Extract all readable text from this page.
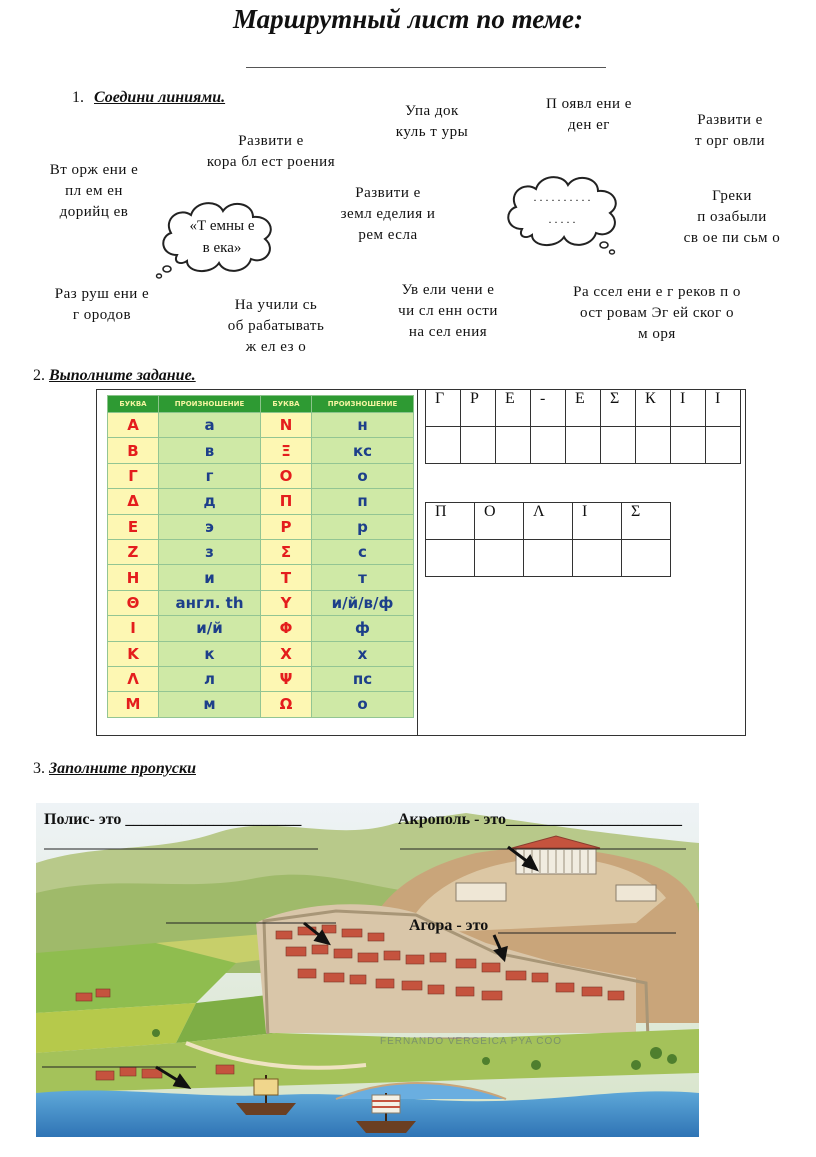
Маршрутный лист по теме:
1. Соедини линиями.
Упа док
куль т уры
П оявл ени е
ден ег	Развити е
т орг овли
Развити е
кора бл ест роения
Вт орж ени е
пл ем ен
дорийц ев
Развити е
земл еделия и
рем есла
Греки
п озабыли
св ое пи сьм о
Раз руш ени е
г ородов
На учили сь
об рабатывать
ж ел ез о
Ув ели чени е
чи сл енн ости
на сел ения
Ра ссел ени е г реков п о
ост ровам Эг ей ског о
м оря
«Т емны е
в ека»
. . . . . . . . . .
. . . . .
2. Выполните задание.
БУКВА	ПРОИЗНОШЕНИЕ	БУКВА	ПРОИЗНОШЕНИЕ
Α	а	Ν	н
Β	в	Ξ	кс
Γ	г	Ο	о
Δ	д	Π	п
Ε	э	Ρ	р
Ζ	з	Σ	с
Η	и	Τ	т
Θ	англ. th	Υ	и/й/в/ф
Ι	и/й	Φ	ф
Κ	к	Χ	х
Λ	л	Ψ	пс
Μ	м	Ω	о
Г	Р	Е	-	Е	Σ	К	I	I

П	О	Λ	I	Σ

3. Заполните пропуски
Полис- это ______________________	Акрополь - это______________________
Агора - это
FERNANDO VERGEICA PYA COO
